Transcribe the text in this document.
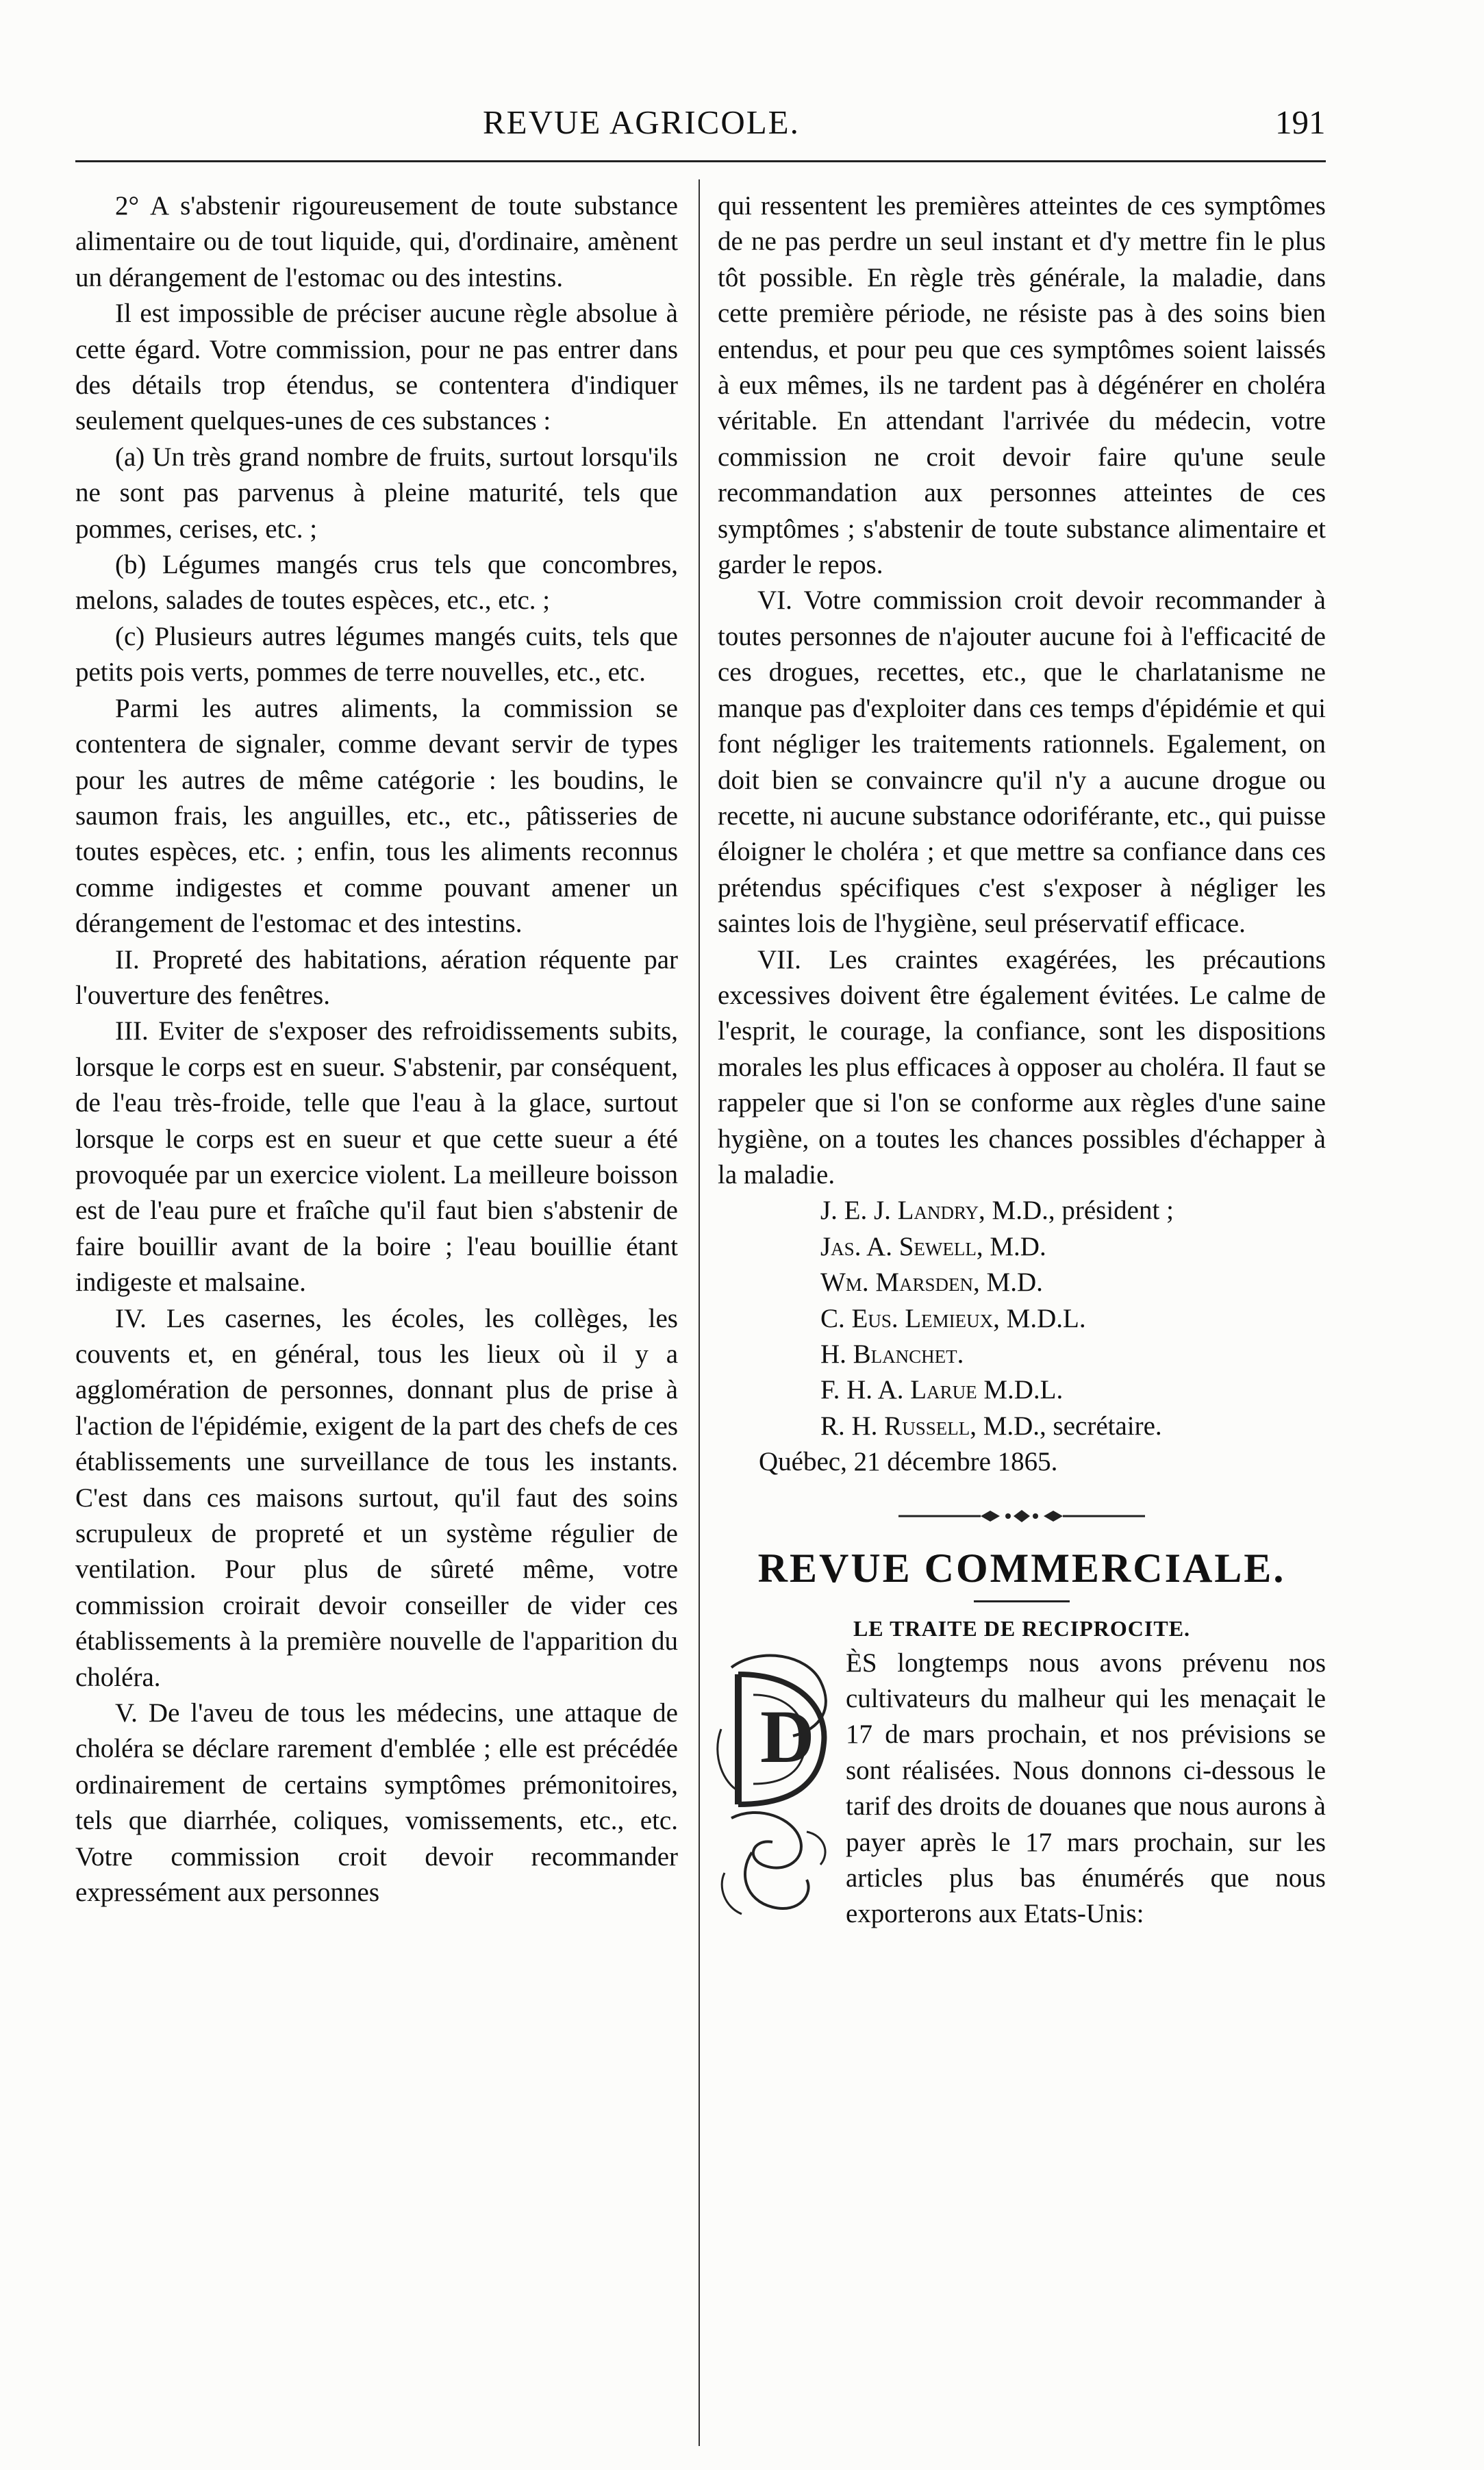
REVUE AGRICOLE.	191

2° A s'abstenir rigoureusement de toute substance alimentaire ou de tout liquide, qui, d'ordinaire, amènent un dérangement de l'estomac ou des intestins.

Il est impossible de préciser aucune règle absolue à cette égard. Votre commission, pour ne pas entrer dans des détails trop étendus, se contentera d'indiquer seulement quelques-unes de ces substances :

(a) Un très grand nombre de fruits, surtout lorsqu'ils ne sont pas parvenus à pleine maturité, tels que pommes, cerises, etc. ;

(b) Légumes mangés crus tels que concombres, melons, salades de toutes espèces, etc., etc. ;

(c) Plusieurs autres légumes mangés cuits, tels que petits pois verts, pommes de terre nouvelles, etc., etc.

Parmi les autres aliments, la commission se contentera de signaler, comme devant servir de types pour les autres de même catégorie : les boudins, le saumon frais, les anguilles, etc., etc., pâtisseries de toutes espèces, etc. ; enfin, tous les aliments reconnus comme indigestes et comme pouvant amener un dérangement de l'estomac et des intestins.

II. Propreté des habitations, aération réquente par l'ouverture des fenêtres.

III. Eviter de s'exposer des refroidissements subits, lorsque le corps est en sueur. S'abstenir, par conséquent, de l'eau très-froide, telle que l'eau à la glace, surtout lorsque le corps est en sueur et que cette sueur a été provoquée par un exercice violent. La meilleure boisson est de l'eau pure et fraîche qu'il faut bien s'abstenir de faire bouillir avant de la boire ; l'eau bouillie étant indigeste et malsaine.

IV. Les casernes, les écoles, les collèges, les couvents et, en général, tous les lieux où il y a agglomération de personnes, donnant plus de prise à l'action de l'épidémie, exigent de la part des chefs de ces établissements une surveillance de tous les instants. C'est dans ces maisons surtout, qu'il faut des soins scrupuleux de propreté et un système régulier de ventilation. Pour plus de sûreté même, votre commission croirait devoir conseiller de vider ces établissements à la première nouvelle de l'apparition du choléra.

V. De l'aveu de tous les médecins, une attaque de choléra se déclare rarement d'emblée ; elle est précédée ordinairement de certains symptômes prémonitoires, tels que diarrhée, coliques, vomissements, etc., etc. Votre commission croit devoir recommander expressément aux personnes

qui ressentent les premières atteintes de ces symptômes de ne pas perdre un seul instant et d'y mettre fin le plus tôt possible. En règle très générale, la maladie, dans cette première période, ne résiste pas à des soins bien entendus, et pour peu que ces symptômes soient laissés à eux mêmes, ils ne tardent pas à dégénérer en choléra véritable. En attendant l'arrivée du médecin, votre commission ne croit devoir faire qu'une seule recommandation aux personnes atteintes de ces symptômes ; s'abstenir de toute substance alimentaire et garder le repos.

VI. Votre commission croit devoir recommander à toutes personnes de n'ajouter aucune foi à l'efficacité de ces drogues, recettes, etc., que le charlatanisme ne manque pas d'exploiter dans ces temps d'épidémie et qui font négliger les traitements rationnels. Egalement, on doit bien se convaincre qu'il n'y a aucune drogue ou recette, ni aucune substance odoriférante, etc., qui puisse éloigner le choléra ; et que mettre sa confiance dans ces prétendus spécifiques c'est s'exposer à négliger les saintes lois de l'hygiène, seul préservatif efficace.

VII. Les craintes exagérées, les précautions excessives doivent être également évitées. Le calme de l'esprit, le courage, la confiance, sont les dispositions morales les plus efficaces à opposer au choléra. Il faut se rappeler que si l'on se conforme aux règles d'une saine hygiène, on a toutes les chances possibles d'échapper à la maladie.

J. E. J. Landry, M.D., président ;

Jas. A. Sewell, M.D.

Wm. Marsden, M.D.

C. Eus. Lemieux, M.D.L.

H. Blanchet.

F. H. A. Larue M.D.L.

R. H. Russell, M.D., secrétaire.

Québec, 21 décembre 1865.

REVUE COMMERCIALE.
LE TRAITE DE RECIPROCITE.
D

ÈS longtemps nous avons prévenu nos cultivateurs du malheur qui les menaçait le 17 de mars prochain, et nos prévisions se sont réalisées. Nous donnons ci-dessous le tarif des droits de douanes que nous aurons à payer après le 17 mars prochain, sur les articles plus bas énumérés que nous exporterons aux Etats-Unis:
